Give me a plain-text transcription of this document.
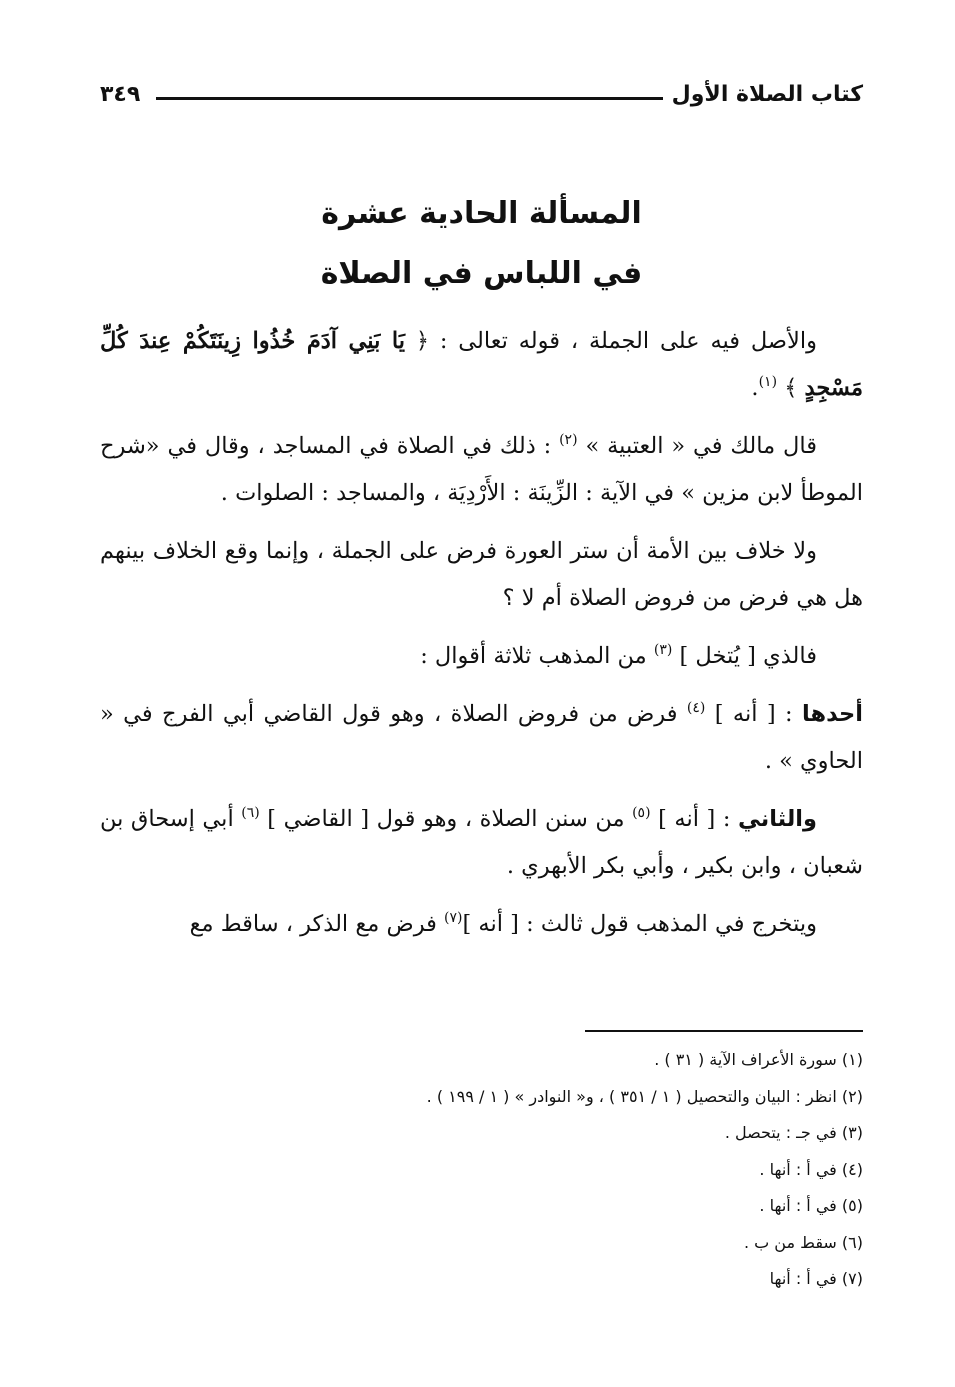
كتاب الصلاة الأول
٣٤٩
المسألة الحادية عشرة
في اللباس في الصلاة

والأصل فيه على الجملة ، قوله تعالى : ﴿ يَا بَنِي آدَمَ خُذُوا زِينَتَكُمْ عِندَ كُلِّ مَسْجِدٍ ﴾ $^{(١)}$.

قال مالك في « العتبية » $^{(٢)}$ : ذلك في الصلاة في المساجد ، وقال في «شرح الموطأ لابن مزين » في الآية : الزِّينَة : الأَرْدِيَة ، والمساجد : الصلوات .

ولا خلاف بين الأمة أن ستر العورة فرض على الجملة ، وإنما وقع الخلاف بينهم هل هي فرض من فروض الصلاة أم لا ؟

فالذي [ يُتخل ] $^{(٣)}$ من المذهب ثلاثة أقوال :

أحدها : [ أنه ] $^{(٤)}$ فرض من فروض الصلاة ، وهو قول القاضي أبي الفرج في « الحاوي » .

والثاني : [ أنه ] $^{(٥)}$ من سنن الصلاة ، وهو قول [ القاضي ] $^{(٦)}$ أبي إسحاق بن شعبان ، وابن بكير ، وأبي بكر الأبهري .

ويتخرج في المذهب قول ثالث : [ أنه ]$^{(٧)}$ فرض مع الذكر ، ساقط مع

(١) سورة الأعراف الآية ( ٣١ ) .
(٢) انظر : البيان والتحصيل ( ١ / ٣٥١ ) ، و« النوادر » ( ١ / ١٩٩ ) .
(٣) في جـ : يتحصل .
(٤) في أ : أنها .
(٥) في أ : أنها .
(٦) سقط من ب .
(٧) في أ : أنها
